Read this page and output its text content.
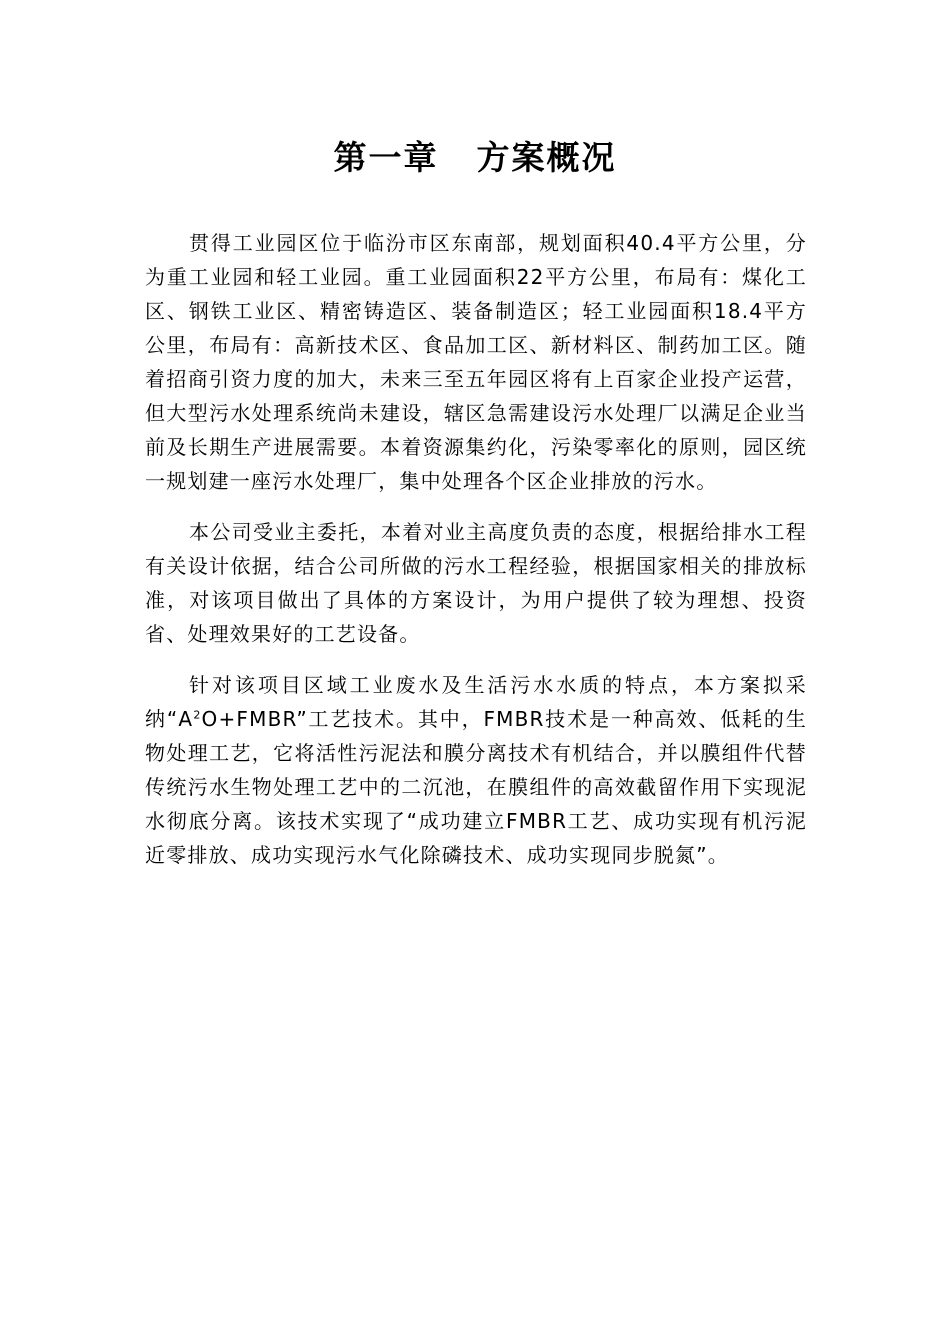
第一章 方案概况

贯得工业园区位于临汾市区东南部，规划面积40.4平方公里，分为重工业园和轻工业园。重工业园面积22平方公里，布局有：煤化工区、钢铁工业区、精密铸造区、装备制造区；轻工业园面积18.4平方公里，布局有：高新技术区、食品加工区、新材料区、制药加工区。随着招商引资力度的加大，未来三至五年园区将有上百家企业投产运营，但大型污水处理系统尚未建设，辖区急需建设污水处理厂以满足企业当前及长期生产进展需要。本着资源集约化，污染零率化的原则，园区统一规划建一座污水处理厂，集中处理各个区企业排放的污水。

本公司受业主委托，本着对业主高度负责的态度，根据给排水工程有关设计依据，结合公司所做的污水工程经验，根据国家相关的排放标准，对该项目做出了具体的方案设计，为用户提供了较为理想、投资省、处理效果好的工艺设备。

针对该项目区域工业废水及生活污水水质的特点，本方案拟采纳“$A^2O+FMBR$”工艺技术。其中，FMBR技术是一种高效、低耗的生物处理工艺，它将活性污泥法和膜分离技术有机结合，并以膜组件代替传统污水生物处理工艺中的二沉池，在膜组件的高效截留作用下实现泥水彻底分离。该技术实现了“成功建立FMBR工艺、成功实现有机污泥近零排放、成功实现污水气化除磷技术、成功实现同步脱氮”。
